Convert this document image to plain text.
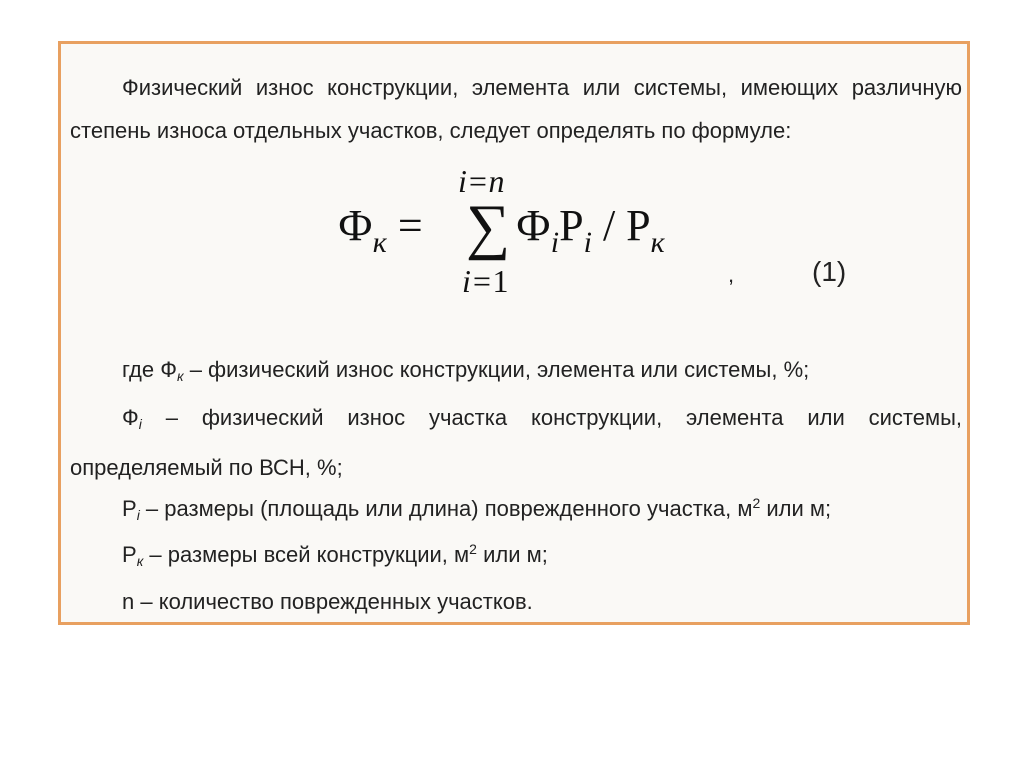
Физический износ конструкции, элемента или системы, имеющих различную степень износа отдельных участков, следует определять по формуле:
$Ф_к$ =
i=n
∑
i=1
$Ф_iP_i / P_к$
,	(1)
где Фк – физический износ конструкции, элемента или системы, %;
Фi – физический износ участка конструкции, элемента или системы, определяемый по ВСН, %;
Рi – размеры (площадь или длина) поврежденного участка, $м^2$ или м;
Рк – размеры всей конструкции, $м^2$ или м;
n – количество поврежденных участков.
